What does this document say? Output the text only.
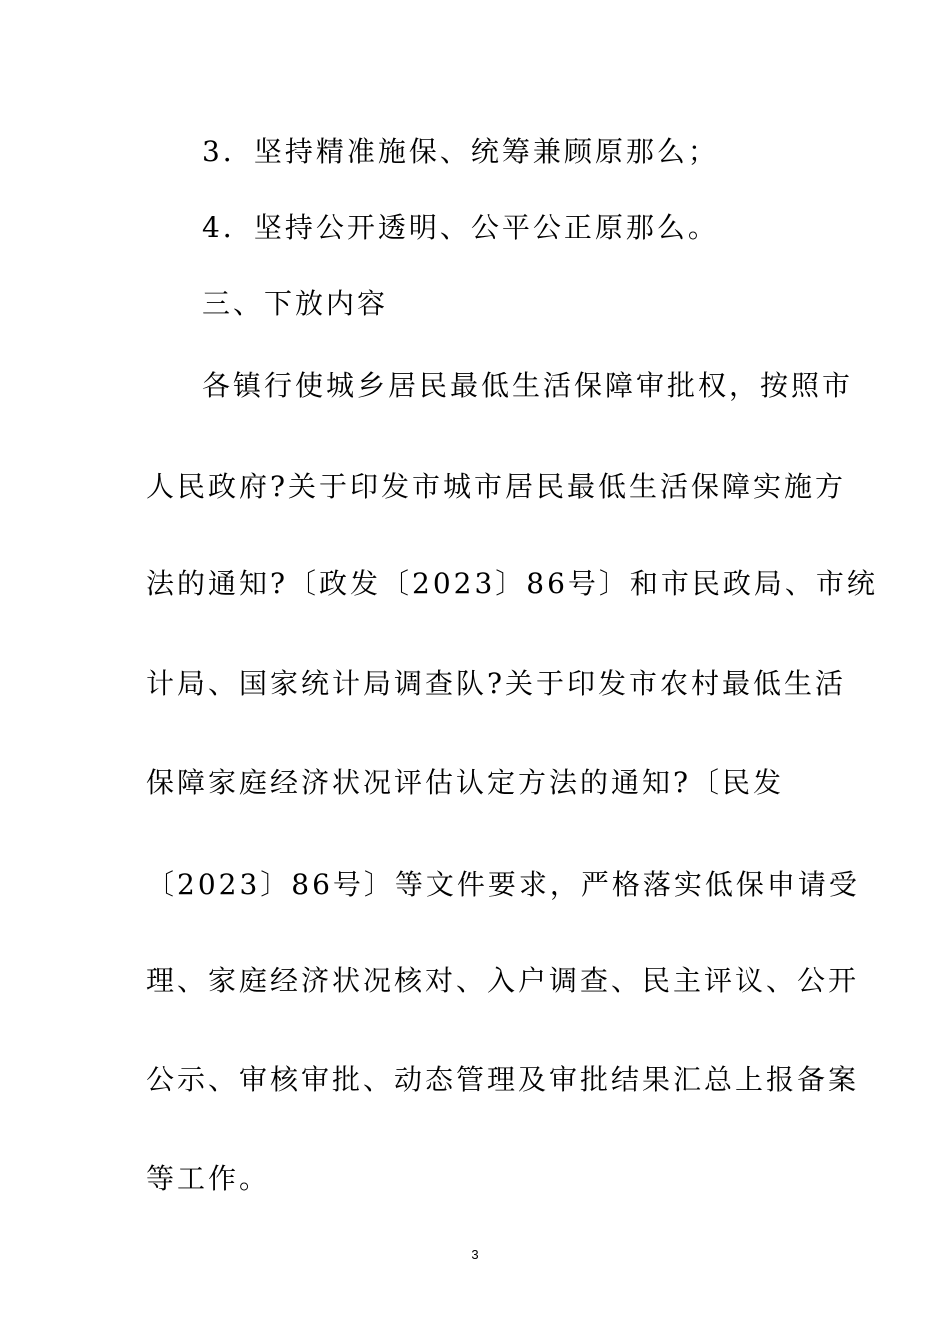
3．坚持精准施保、统筹兼顾原那么；
4．坚持公开透明、公平公正原那么。
三、下放内容
各镇行使城乡居民最低生活保障审批权，按照市
人民政府?关于印发市城市居民最低生活保障实施方
法的通知?〔政发〔2023〕86号〕和市民政局、市统
计局、国家统计局调查队?关于印发市农村最低生活
保障家庭经济状况评估认定方法的通知?〔民发
〔2023〕86号〕等文件要求，严格落实低保申请受
理、家庭经济状况核对、入户调查、民主评议、公开
公示、审核审批、动态管理及审批结果汇总上报备案
等工作。
3
